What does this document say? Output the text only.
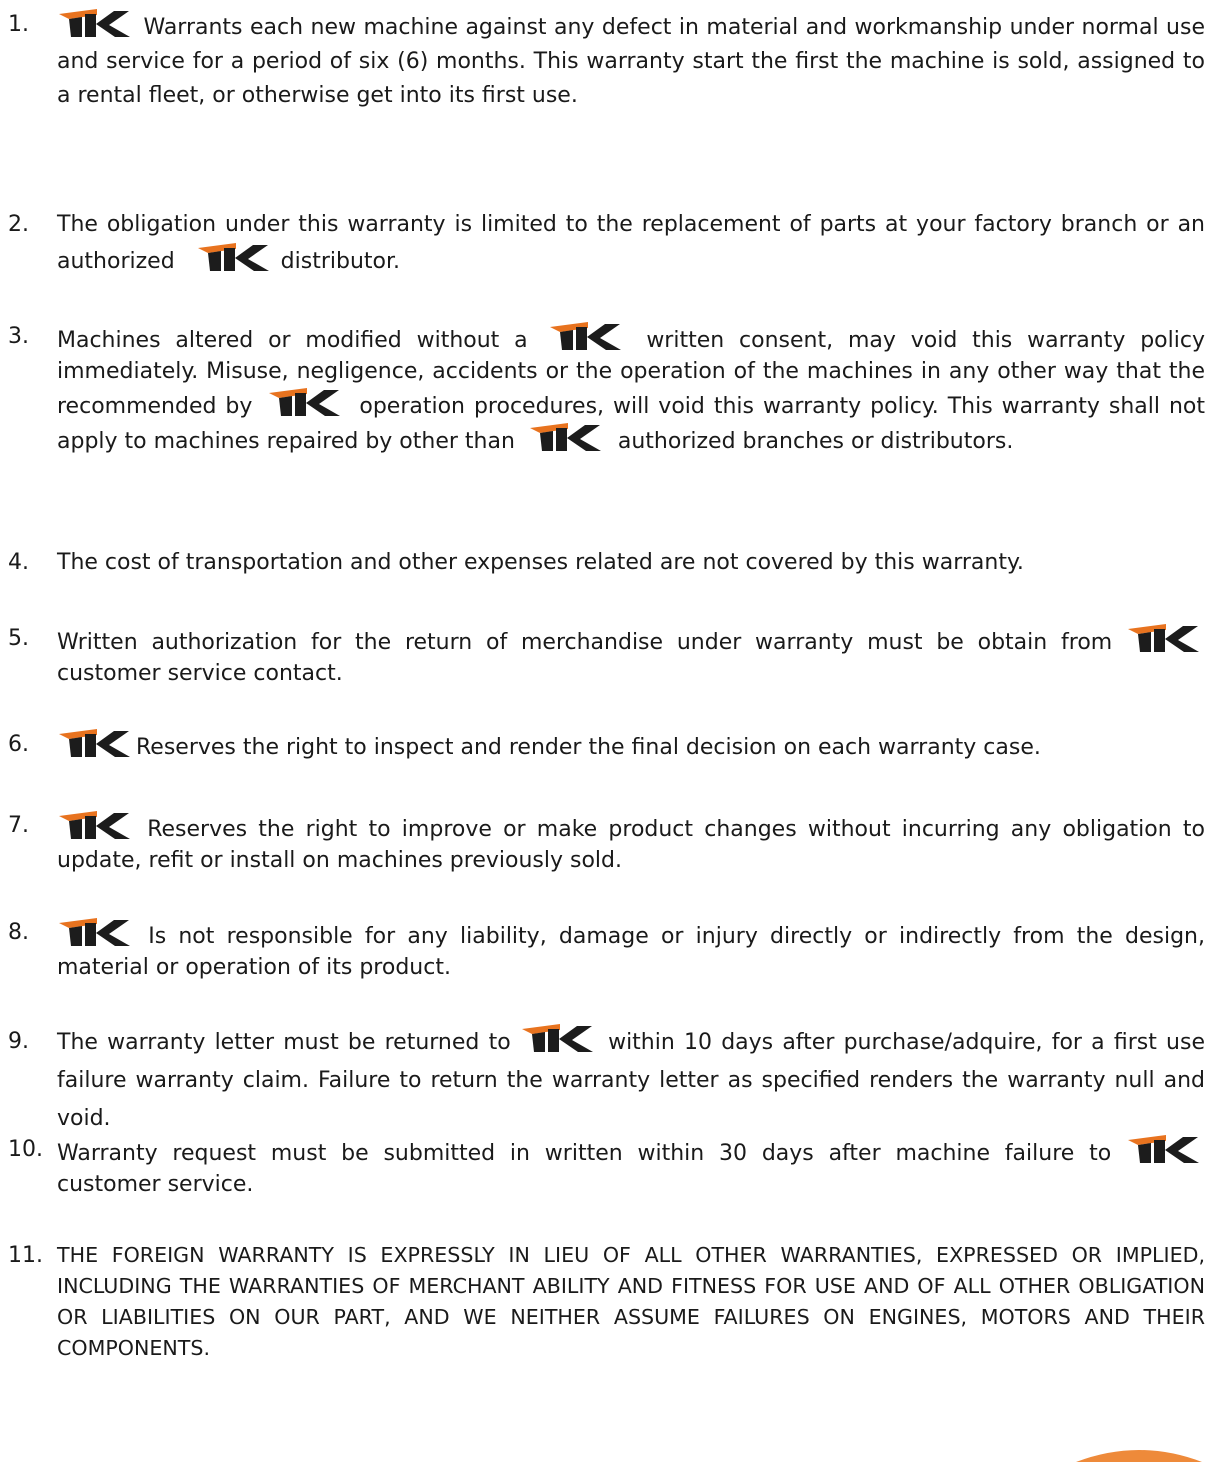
1.	Warrants each new machine against any defect in material and workmanship under normal use and service for a period of six (6) months. This warranty start the first the machine is sold, assigned to a rental fleet, or otherwise get into its first use.
2. The obligation under this warranty is limited to the replacement of parts at your factory branch or an authorized	distributor.
3. Machines altered or modified without a	written consent, may void this warranty policy immediately. Misuse, negligence, accidents or the operation of the machines in any other way that the recommended by	operation procedures, will void this warranty policy. This warranty shall not apply to machines repaired by other than	authorized branches or distributors.
4. The cost of transportation and other expenses related are not covered by this warranty.
5. Written authorization for the return of merchandise under warranty must be obtain from
customer service contact.
6.	Reserves the right to inspect and render the final decision on each warranty case.
7.	Reserves the right to improve or make product changes without incurring any obligation to update, refit or install on machines previously sold.
8.	Is not responsible for any liability, damage or injury directly or indirectly from the design, material or operation of its product.
9. The warranty letter must be returned to	within 10 days after purchase/adquire, for a first use failure warranty claim. Failure to return the warranty letter as specified renders the warranty null and void.
10. Warranty request must be submitted in written within 30 days after machine failure to
customer service.
11. THE FOREIGN WARRANTY IS EXPRESSLY IN LIEU OF ALL OTHER WARRANTIES, EXPRESSED OR IMPLIED, INCLUDING THE WARRANTIES OF MERCHANT ABILITY AND FITNESS FOR USE AND OF ALL OTHER OBLIGATION OR LIABILITIES ON OUR PART, AND WE NEITHER ASSUME FAILURES ON ENGINES, MOTORS AND THEIR COMPONENTS.
